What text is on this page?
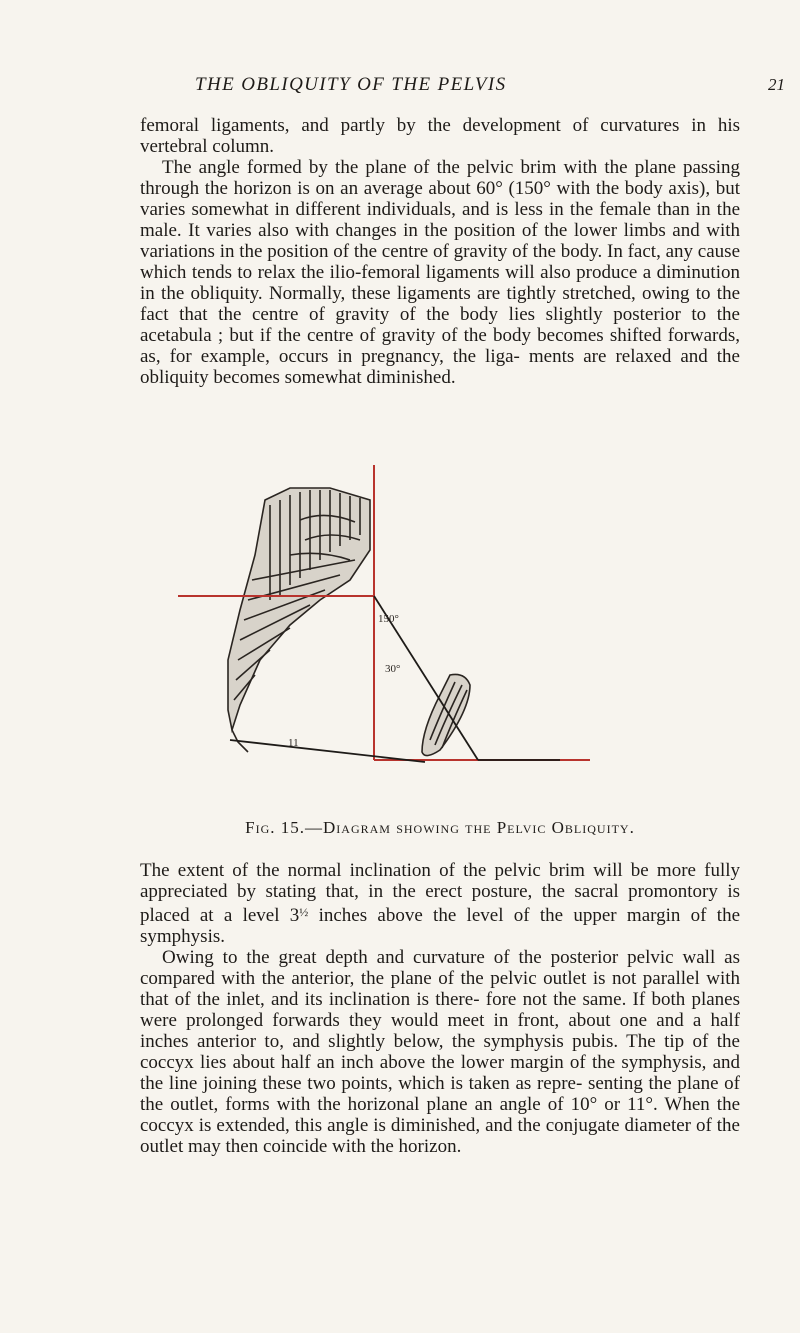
THE OBLIQUITY OF THE PELVIS	21

femoral ligaments, and partly by the development of curvatures in his vertebral column.

The angle formed by the plane of the pelvic brim with the plane passing through the horizon is on an average about 60° (150° with the body axis), but varies somewhat in different individuals, and is less in the female than in the male. It varies also with changes in the position of the lower limbs and with variations in the position of the centre of gravity of the body. In fact, any cause which tends to relax the ilio-femoral ligaments will also produce a diminution in the obliquity. Normally, these ligaments are tightly stretched, owing to the fact that the centre of gravity of the body lies slightly posterior to the acetabula ; but if the centre of gravity of the body becomes shifted forwards, as, for example, occurs in pregnancy, the liga- ments are relaxed and the obliquity becomes somewhat diminished.

150°
30°
11
Fig. 15.—Diagram showing the Pelvic Obliquity.

The extent of the normal inclination of the pelvic brim will be more fully appreciated by stating that, in the erect posture, the sacral promontory is placed at a level $3^{\frac{1}{2}}$ inches above the level of the upper margin of the symphysis.

Owing to the great depth and curvature of the posterior pelvic wall as compared with the anterior, the plane of the pelvic outlet is not parallel with that of the inlet, and its inclination is there- fore not the same. If both planes were prolonged forwards they would meet in front, about one and a half inches anterior to, and slightly below, the symphysis pubis. The tip of the coccyx lies about half an inch above the lower margin of the symphysis, and the line joining these two points, which is taken as repre- senting the plane of the outlet, forms with the horizonal plane an angle of 10° or 11°. When the coccyx is extended, this angle is diminished, and the conjugate diameter of the outlet may then coincide with the horizon.
